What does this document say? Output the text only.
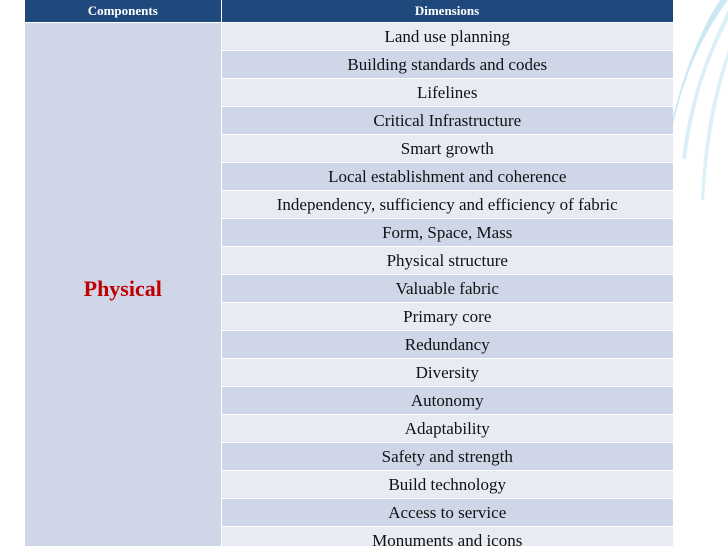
Components	Dimensions
Physical	Land use planning
	Building standards and codes
	Lifelines
	Critical Infrastructure
	Smart growth
	Local establishment and coherence
	Independency, sufficiency and efficiency of fabric
	Form, Space, Mass
	Physical structure
	Valuable fabric
	Primary core
	Redundancy
	Diversity
	Autonomy
	Adaptability
	Safety and strength
	Build technology
	Access to service
	Monuments and icons
